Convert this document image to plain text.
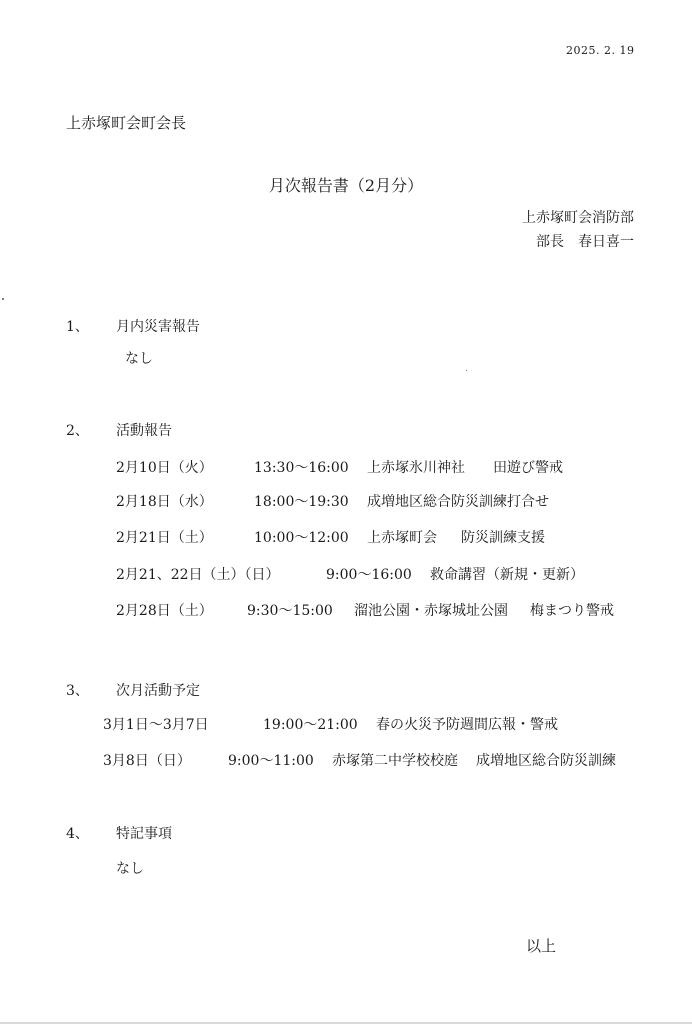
2025. 2. 19
上赤塚町会町会長
月次報告書（2月分）
上赤塚町会消防部
部長　春日喜一
1、 月内災害報告
なし
2、 活動報告
2月10日（火）	13:30～16:00 上赤塚氷川神社 田遊び警戒
2月18日（水）	18:00～19:30 成増地区総合防災訓練打合せ
2月21日（土）	10:00～12:00 上赤塚町会 防災訓練支援
2月21、22日（土）（日）	9:00～16:00 救命講習（新規・更新）
2月28日（土） 9:30～15:00 溜池公園・赤塚城址公園 梅まつり警戒
3、 次月活動予定
3月1日～3月7日	19:00～21:00 春の火災予防週間広報・警戒
3月8日（日）	9:00～11:00 赤塚第二中学校校庭 成増地区総合防災訓練
4、 特記事項
なし
以上
